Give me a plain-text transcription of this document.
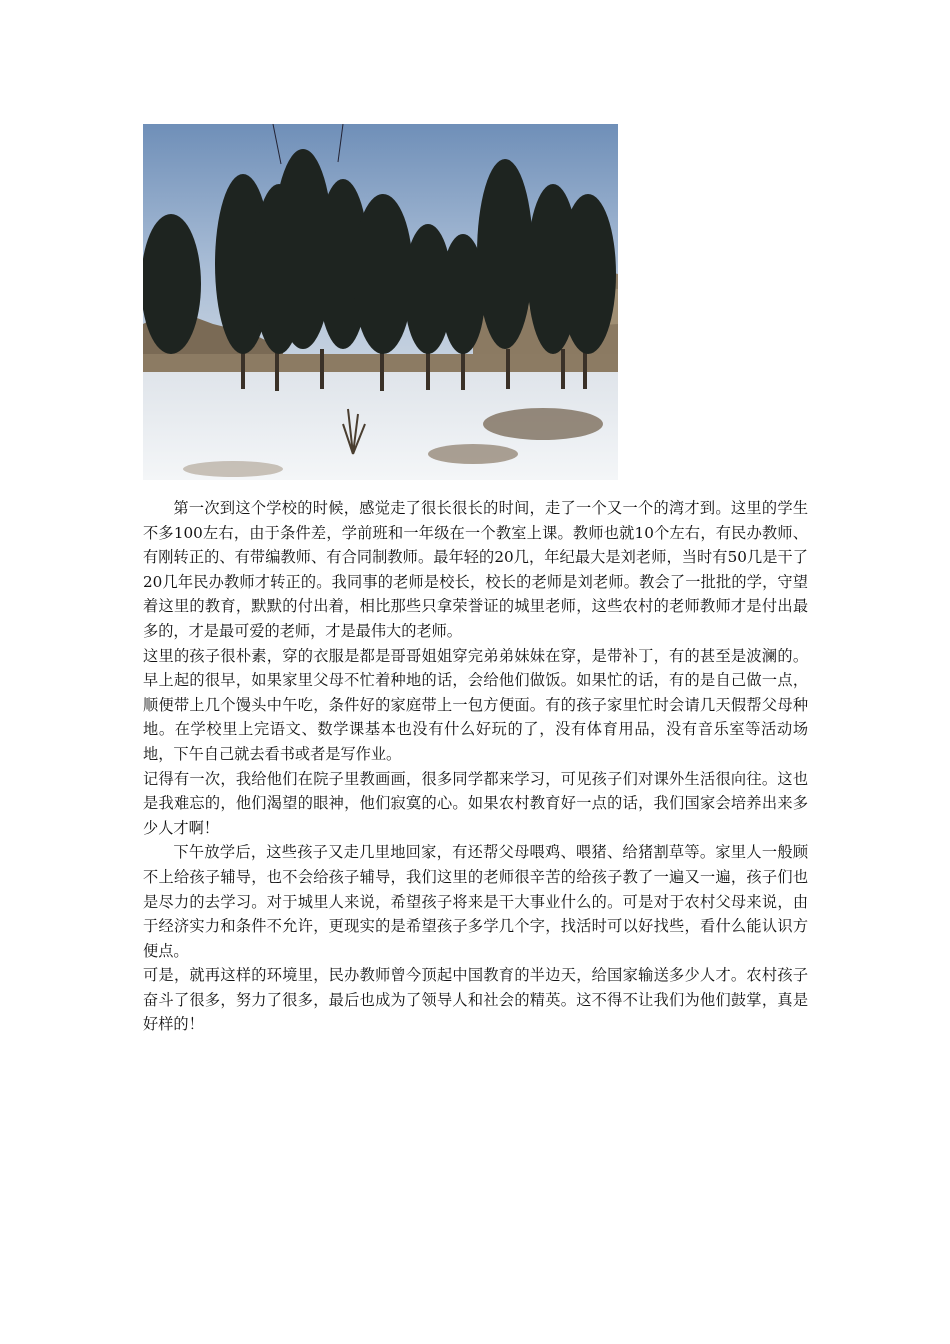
第一次到这个学校的时候，感觉走了很长很长的时间，走了一个又一个的湾才到。这里的学生不多100左右，由于条件差，学前班和一年级在一个教室上课。教师也就10个左右，有民办教师、有刚转正的、有带编教师、有合同制教师。最年轻的20几，年纪最大是刘老师，当时有50几是干了20几年民办教师才转正的。我同事的老师是校长，校长的老师是刘老师。教会了一批批的学，守望着这里的教育，默默的付出着，相比那些只拿荣誉证的城里老师，这些农村的老师教师才是付出最多的，才是最可爱的老师，才是最伟大的老师。

这里的孩子很朴素，穿的衣服是都是哥哥姐姐穿完弟弟妹妹在穿，是带补丁，有的甚至是波澜的。早上起的很早，如果家里父母不忙着种地的话，会给他们做饭。如果忙的话，有的是自己做一点，顺便带上几个馒头中午吃，条件好的家庭带上一包方便面。有的孩子家里忙时会请几天假帮父母种地。在学校里上完语文、数学课基本也没有什么好玩的了，没有体育用品，没有音乐室等活动场地，下午自己就去看书或者是写作业。

记得有一次，我给他们在院子里教画画，很多同学都来学习，可见孩子们对课外生活很向往。这也是我难忘的，他们渴望的眼神，他们寂寞的心。如果农村教育好一点的话，我们国家会培养出来多少人才啊！

下午放学后，这些孩子又走几里地回家，有还帮父母喂鸡、喂猪、给猪割草等。家里人一般顾不上给孩子辅导，也不会给孩子辅导，我们这里的老师很辛苦的给孩子教了一遍又一遍，孩子们也是尽力的去学习。对于城里人来说，希望孩子将来是干大事业什么的。可是对于农村父母来说，由于经济实力和条件不允许，更现实的是希望孩子多学几个字，找活时可以好找些，看什么能认识方便点。

可是，就再这样的环境里，民办教师曾今顶起中国教育的半边天，给国家输送多少人才。农村孩子奋斗了很多，努力了很多，最后也成为了领导人和社会的精英。这不得不让我们为他们鼓掌，真是好样的！
